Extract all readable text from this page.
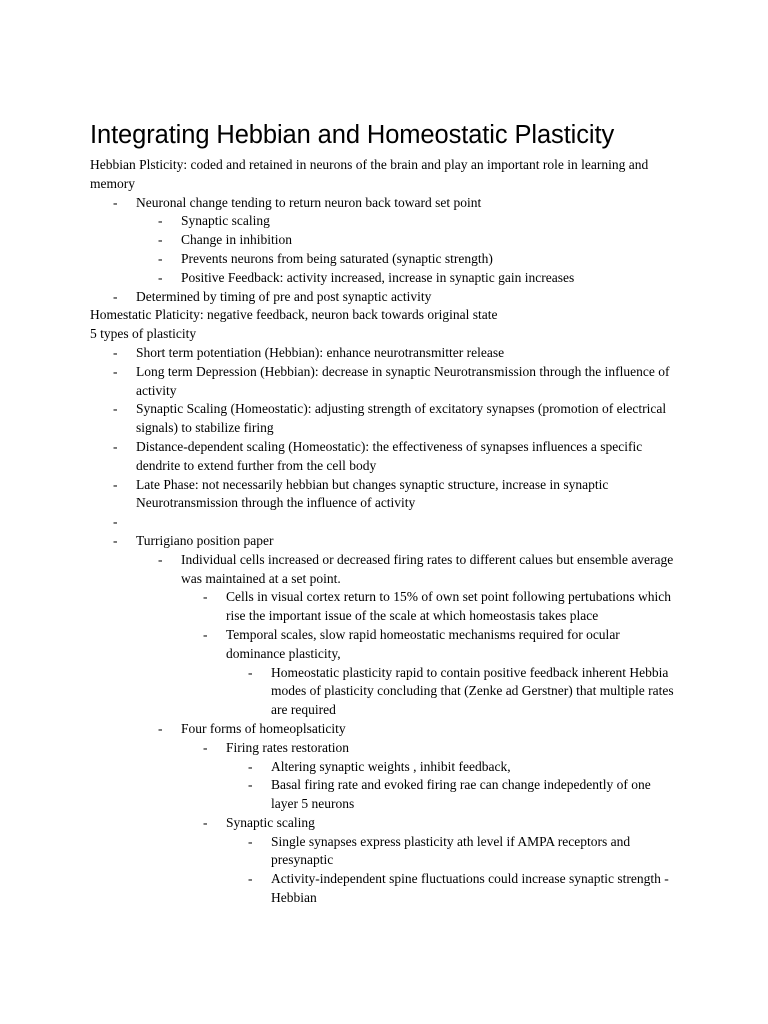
Integrating Hebbian and Homeostatic Plasticity

Hebbian Plsticity: coded and retained in neurons of the brain and play an important role in learning and memory

- Neuronal change tending to return neuron back toward set point
- Synaptic scaling
- Change in inhibition
- Prevents neurons from being saturated (synaptic strength)
- Positive Feedback: activity increased, increase in synaptic gain increases
- Determined by timing of pre and post synaptic activity

Homestatic Platicity: negative feedback, neuron back towards original state

5 types of plasticity

- Short term potentiation (Hebbian): enhance neurotransmitter release
- Long term Depression (Hebbian): decrease in synaptic Neurotransmission through the influence of activity
- Synaptic Scaling (Homeostatic): adjusting strength of excitatory synapses (promotion of electrical signals) to stabilize firing
- Distance-dependent scaling (Homeostatic): the effectiveness of synapses influences a specific dendrite to extend further from the cell body
- Late Phase: not necessarily hebbian but changes synaptic structure, increase in synaptic Neurotransmission through the influence of activity
-
- Turrigiano position paper
- Individual cells increased or decreased firing rates to different calues but ensemble average was maintained at a set point.
- Cells in visual cortex return to 15% of own set point following pertubations which rise the important issue of the scale at which homeostasis takes place
- Temporal scales, slow rapid homeostatic mechanisms required for ocular dominance plasticity,
- Homeostatic plasticity rapid to contain positive feedback inherent Hebbia modes of plasticity concluding that (Zenke ad Gerstner) that multiple rates are required
- Four forms of homeoplsaticity
- Firing rates restoration
- Altering synaptic weights , inhibit feedback,
- Basal firing rate and evoked firing rae can change indepedently of one layer 5 neurons
- Synaptic scaling
- Single synapses express plasticity ath level if AMPA receptors and presynaptic
- Activity-independent spine fluctuations could increase synaptic strength - Hebbian
